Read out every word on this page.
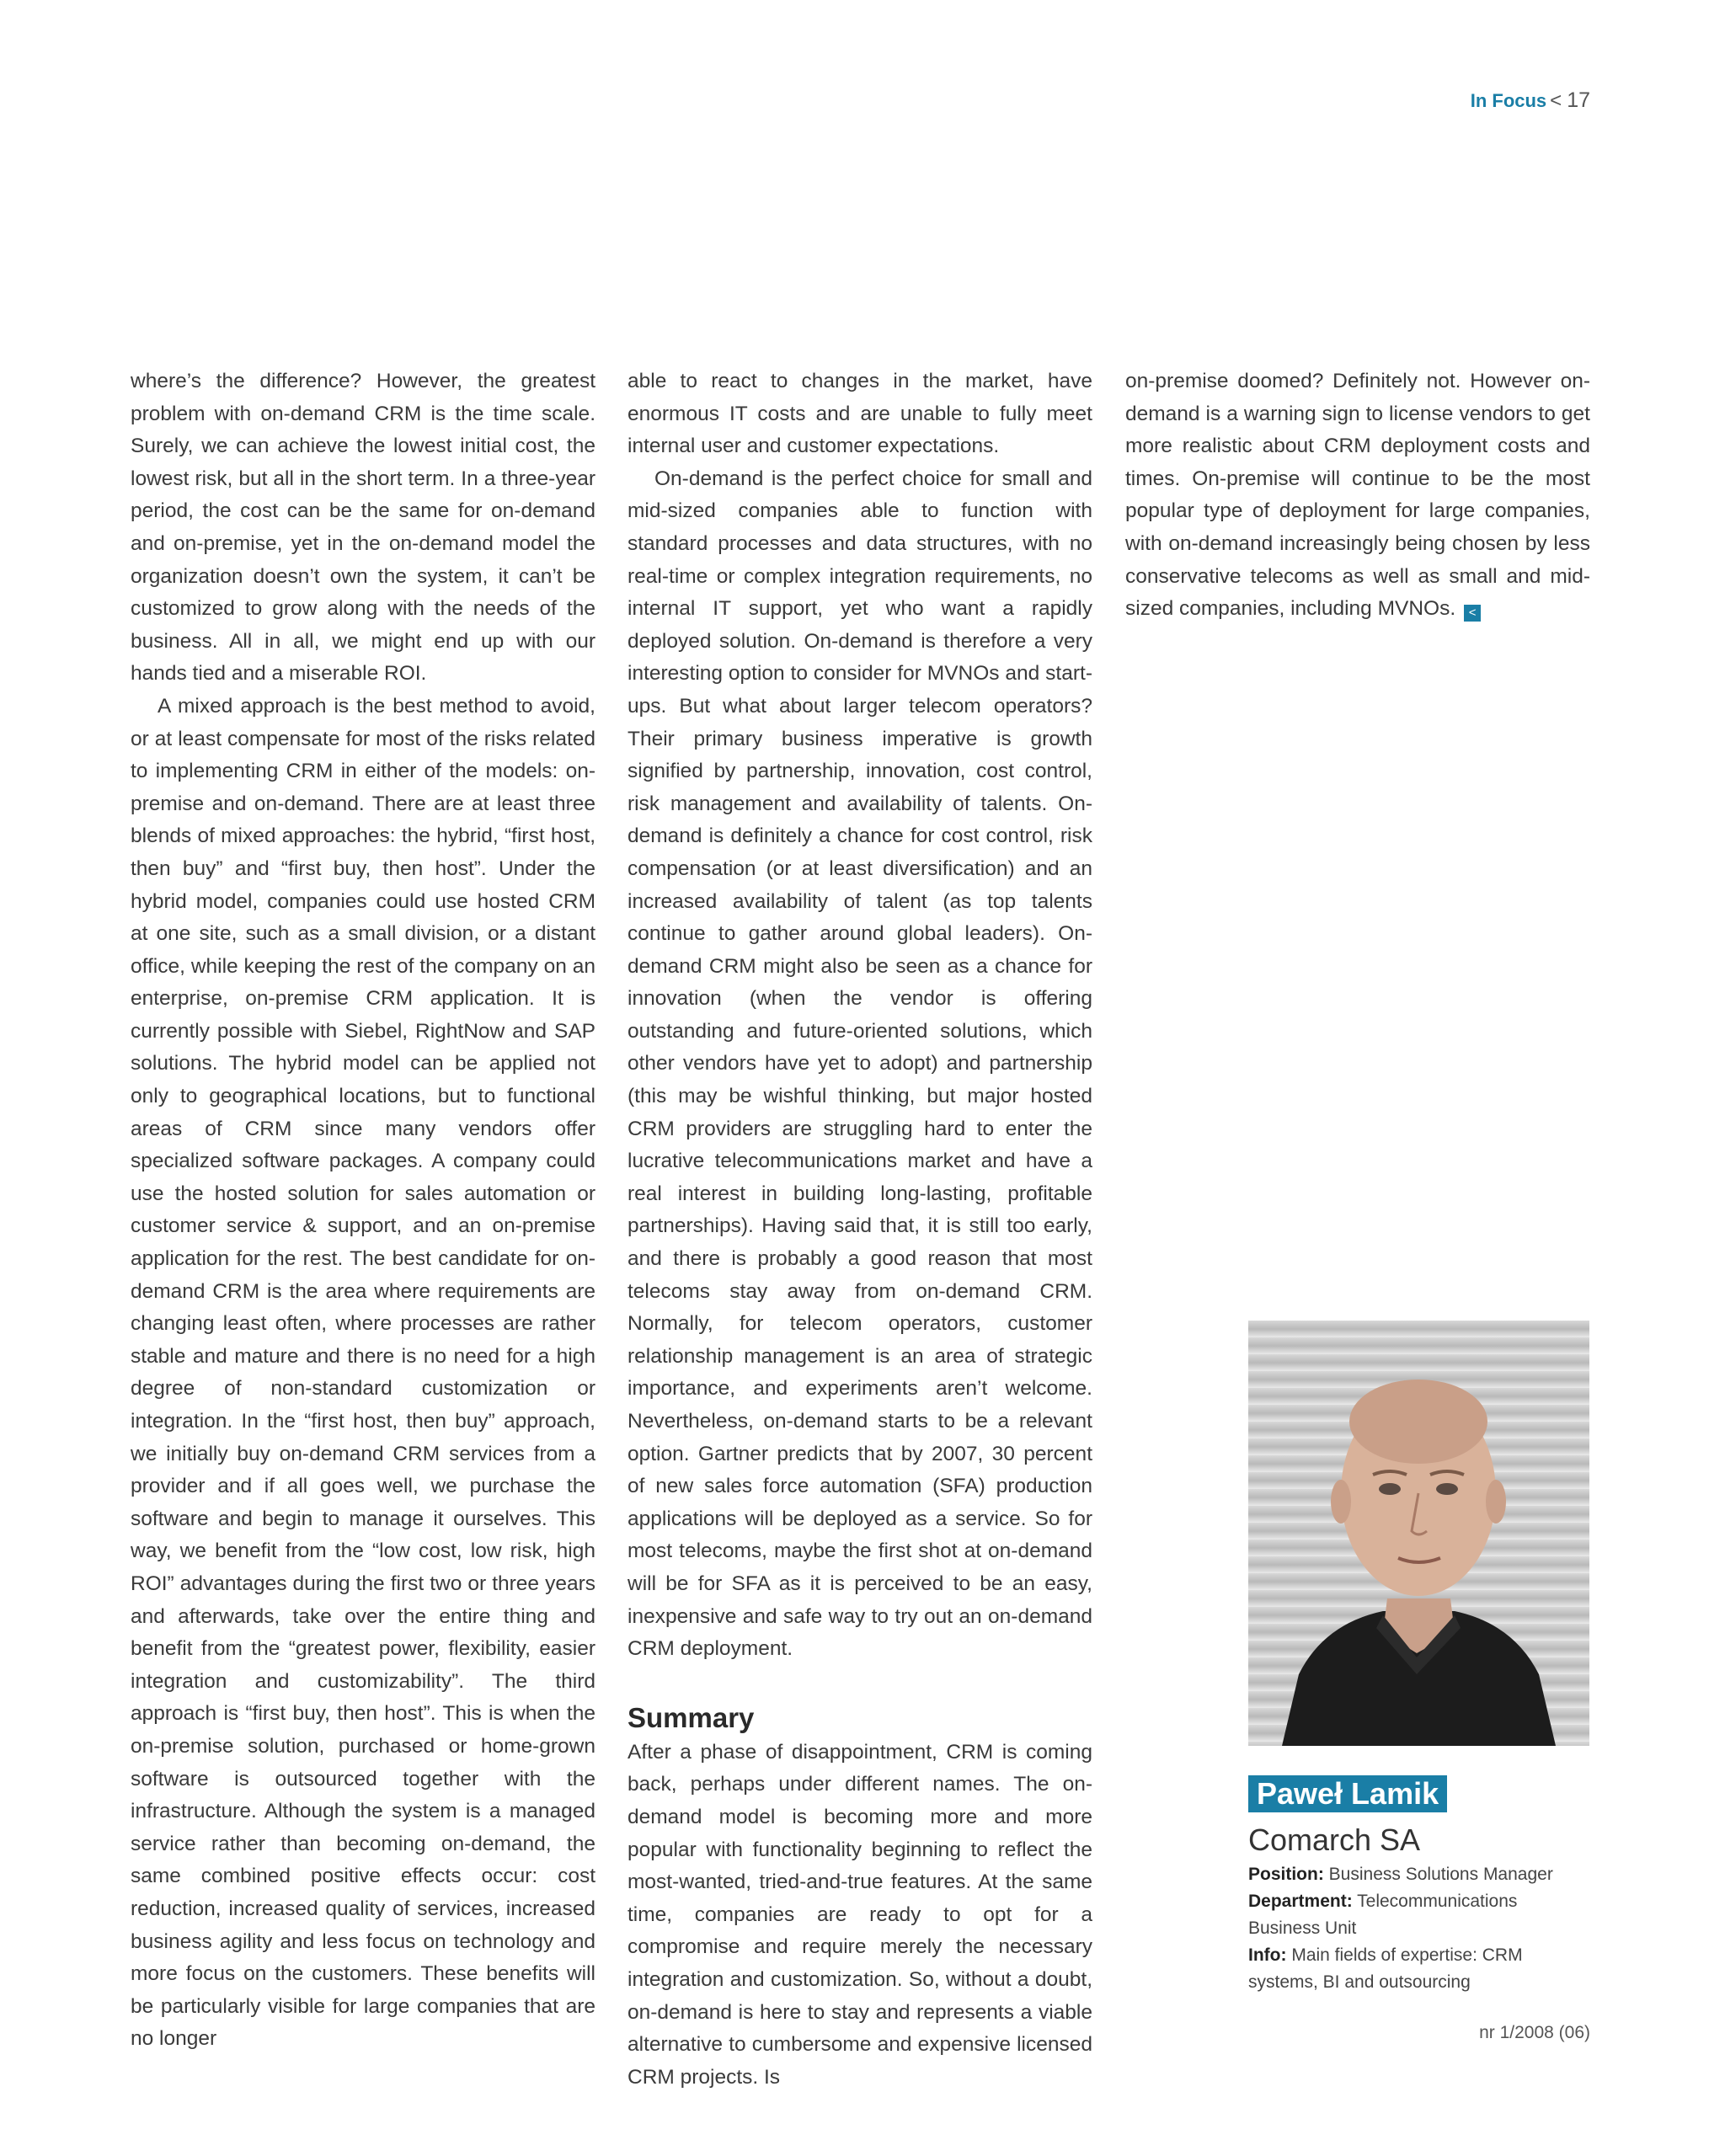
In Focus < 17

where’s the difference? However, the greatest problem with on-demand CRM is the time scale. Surely, we can achieve the lowest initial cost, the lowest risk, but all in the short term. In a three-year period, the cost can be the same for on-demand and on-premise, yet in the on-demand model the organization doesn’t own the system, it can’t be customized to grow along with the needs of the business. All in all, we might end up with our hands tied and a miserable ROI.

A mixed approach is the best method to avoid, or at least compensate for most of the risks related to implementing CRM in either of the models: on-premise and on-demand. There are at least three blends of mixed approaches: the hybrid, “first host, then buy” and “first buy, then host”. Under the hybrid model, companies could use hosted CRM at one site, such as a small division, or a distant office, while keeping the rest of the company on an enterprise, on-premise CRM application. It is currently possible with Siebel, RightNow and SAP solutions. The hybrid model can be applied not only to geographical locations, but to functional areas of CRM since many vendors offer specialized software packages. A company could use the hosted solution for sales automation or customer service & support, and an on-premise application for the rest. The best candidate for on-demand CRM is the area where requirements are changing least often, where processes are rather stable and mature and there is no need for a high degree of non-standard customization or integration. In the “first host, then buy” approach, we initially buy on-demand CRM services from a provider and if all goes well, we purchase the software and begin to manage it ourselves. This way, we benefit from the “low cost, low risk, high ROI” advantages during the first two or three years and afterwards, take over the entire thing and benefit from the “greatest power, flexibility, easier integration and customizability”. The third approach is “first buy, then host”. This is when the on-premise solution, purchased or home-grown software is outsourced together with the infrastructure. Although the system is a managed service rather than becoming on-demand, the same combined positive effects occur: cost reduction, increased quality of services, increased business agility and less focus on technology and more focus on the customers. These benefits will be particularly visible for large companies that are no longer

able to react to changes in the market, have enormous IT costs and are unable to fully meet internal user and customer expectations.

On-demand is the perfect choice for small and mid-sized companies able to function with standard processes and data structures, with no real-time or complex integration requirements, no internal IT support, yet who want a rapidly deployed solution. On-demand is therefore a very interesting option to consider for MVNOs and start-ups. But what about larger telecom operators? Their primary business imperative is growth signified by partnership, innovation, cost control, risk management and availability of talents. On-demand is definitely a chance for cost control, risk compensation (or at least diversification) and an increased availability of talent (as top talents continue to gather around global leaders). On-demand CRM might also be seen as a chance for innovation (when the vendor is offering outstanding and future-oriented solutions, which other vendors have yet to adopt) and partnership (this may be wishful thinking, but major hosted CRM providers are struggling hard to enter the lucrative telecommunications market and have a real interest in building long-lasting, profitable partnerships). Having said that, it is still too early, and there is probably a good reason that most telecoms stay away from on-demand CRM. Normally, for telecom operators, customer relationship management is an area of strategic importance, and experiments aren’t welcome. Nevertheless, on-demand starts to be a relevant option. Gartner predicts that by 2007, 30 percent of new sales force automation (SFA) production applications will be deployed as a service. So for most telecoms, maybe the first shot at on-demand will be for SFA as it is perceived to be an easy, inexpensive and safe way to try out an on-demand CRM deployment.

Summary

After a phase of disappointment, CRM is coming back, perhaps under different names. The on-demand model is becoming more and more popular with functionality beginning to reflect the most-wanted, tried-and-true features. At the same time, companies are ready to opt for a compromise and require merely the necessary integration and customization. So, without a doubt, on-demand is here to stay and represents a viable alternative to cumbersome and expensive licensed CRM projects. Is

on-premise doomed? Definitely not. However on-demand is a warning sign to license vendors to get more realistic about CRM deployment costs and times. On-premise will continue to be the most popular type of deployment for large companies, with on-demand increasingly being chosen by less conservative telecoms as well as small and mid-sized companies, including MVNOs. <

Paweł Lamik
Comarch SA
Position: Business Solutions Manager
Department: Telecommunications Business Unit
Info: Main fields of expertise: CRM systems, BI and outsourcing
nr 1/2008 (06)
